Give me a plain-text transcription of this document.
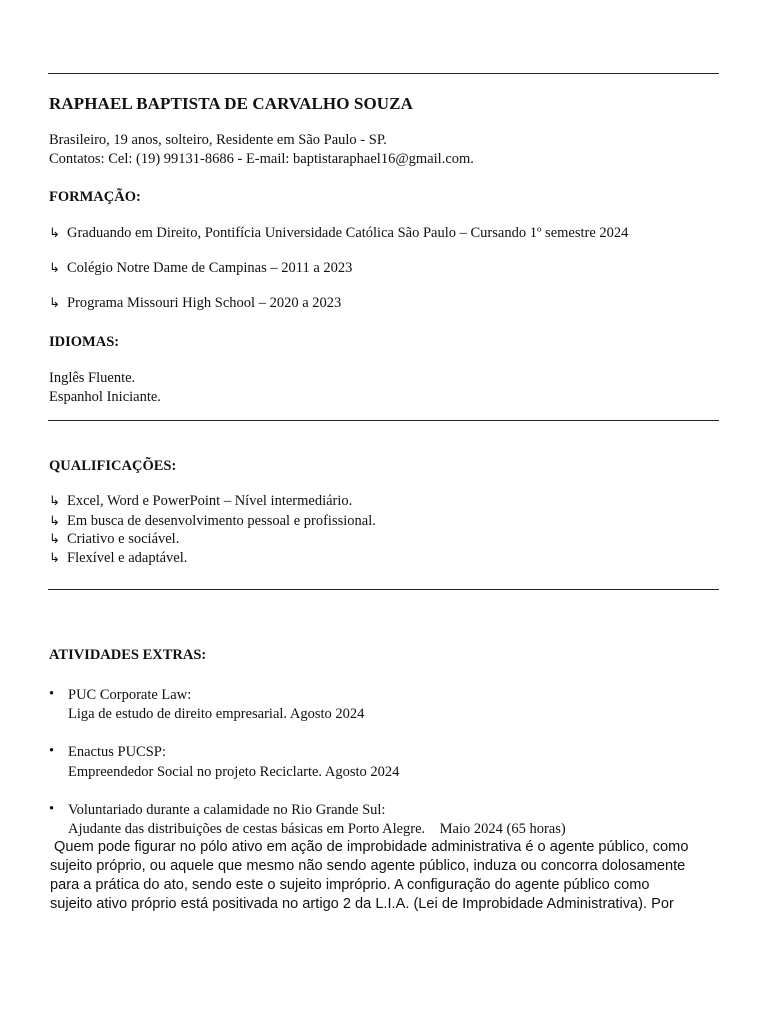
RAPHAEL BAPTISTA DE CARVALHO SOUZA
Brasileiro, 19 anos, solteiro, Residente em São Paulo - SP.
Contatos: Cel: (19) 99131-8686 - E-mail: baptistaraphael16@gmail.com.
FORMAÇÃO:
↳ Graduando em Direito, Pontifícia Universidade Católica São Paulo – Cursando 1º semestre 2024
↳ Colégio Notre Dame de Campinas – 2011 a 2023
↳ Programa Missouri High School – 2020 a 2023
IDIOMAS:
Inglês Fluente.
Espanhol Iniciante.
QUALIFICAÇÕES:
↳ Excel, Word e PowerPoint – Nível intermediário.
↳ Em busca de desenvolvimento pessoal e profissional.
↳ Criativo e sociável.
↳ Flexível e adaptável.
ATIVIDADES EXTRAS:
• PUC Corporate Law:
Liga de estudo de direito empresarial. Agosto 2024
• Enactus PUCSP:
Empreendedor Social no projeto Reciclarte. Agosto 2024
• Voluntariado durante a calamidade no Rio Grande Sul:
Ajudante das distribuições de cestas básicas em Porto Alegre.    Maio 2024 (65 horas)
Quem pode figurar no pólo ativo em ação de improbidade administrativa é o agente público, como
sujeito próprio, ou aquele que mesmo não sendo agente público, induza ou concorra dolosamente
para a prática do ato, sendo este o sujeito impróprio. A configuração do agente público como
sujeito ativo próprio está positivada no artigo 2 da L.I.A. (Lei de Improbidade Administrativa). Por
